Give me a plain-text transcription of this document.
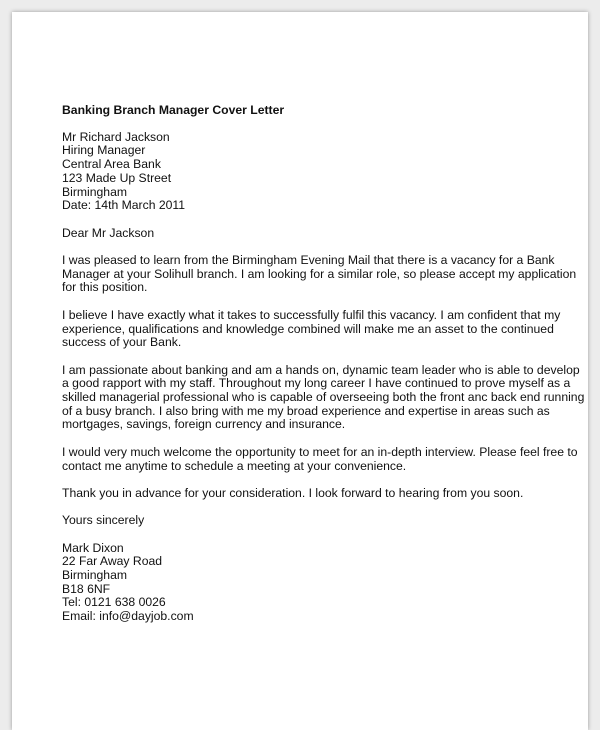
Banking Branch Manager Cover Letter
Mr Richard Jackson
Hiring Manager
Central Area Bank
123 Made Up Street
Birmingham
Date: 14th March 2011
Dear Mr Jackson
I was pleased to learn from the Birmingham Evening Mail that there is a vacancy for a Bank
Manager at your Solihull branch. I am looking for a similar role, so please accept my application
for this position.
I believe I have exactly what it takes to successfully fulfil this vacancy. I am confident that my
experience, qualifications and knowledge combined will make me an asset to the continued
success of your Bank.
I am passionate about banking and am a hands on, dynamic team leader who is able to develop
a good rapport with my staff. Throughout my long career I have continued to prove myself as a
skilled managerial professional who is capable of overseeing both the front anc back end running
of a busy branch. I also bring with me my broad experience and expertise in areas such as
mortgages, savings, foreign currency and insurance.
I would very much welcome the opportunity to meet for an in-depth interview. Please feel free to
contact me anytime to schedule a meeting at your convenience.
Thank you in advance for your consideration. I look forward to hearing from you soon.
Yours sincerely
Mark Dixon
22 Far Away Road
Birmingham
B18 6NF
Tel: 0121 638 0026
Email: info@dayjob.com
